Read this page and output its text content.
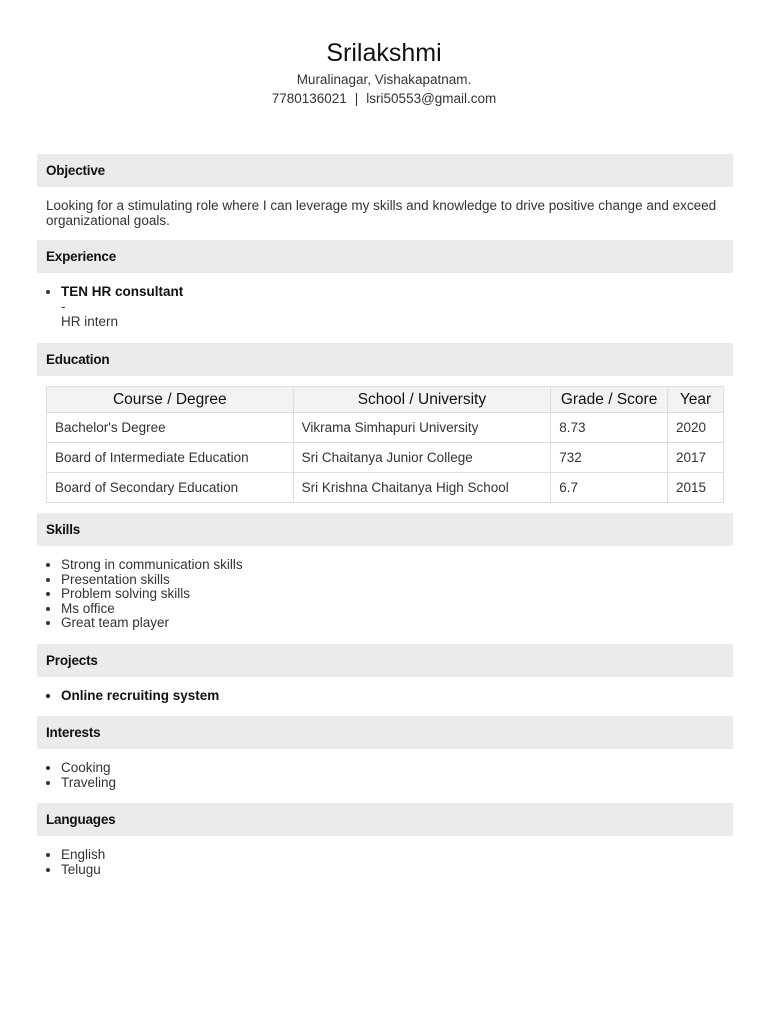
Srilakshmi
Muralinagar, Vishakapatnam.
7780136021 | lsri50553@gmail.com
Objective
Looking for a stimulating role where I can leverage my skills and knowledge to drive positive change and exceed organizational goals.
Experience
• TEN HR consultant
-
HR intern
Education
Course / Degree	School / University	Grade / Score	Year
Bachelor's Degree	Vikrama Simhapuri University	8.73	2020
Board of Intermediate Education	Sri Chaitanya Junior College	732	2017
Board of Secondary Education	Sri Krishna Chaitanya High School	6.7	2015
Skills
• Strong in communication skills
• Presentation skills
• Problem solving skills
• Ms office
• Great team player
Projects
• Online recruiting system
Interests
• Cooking
• Traveling
Languages
• English
• Telugu
